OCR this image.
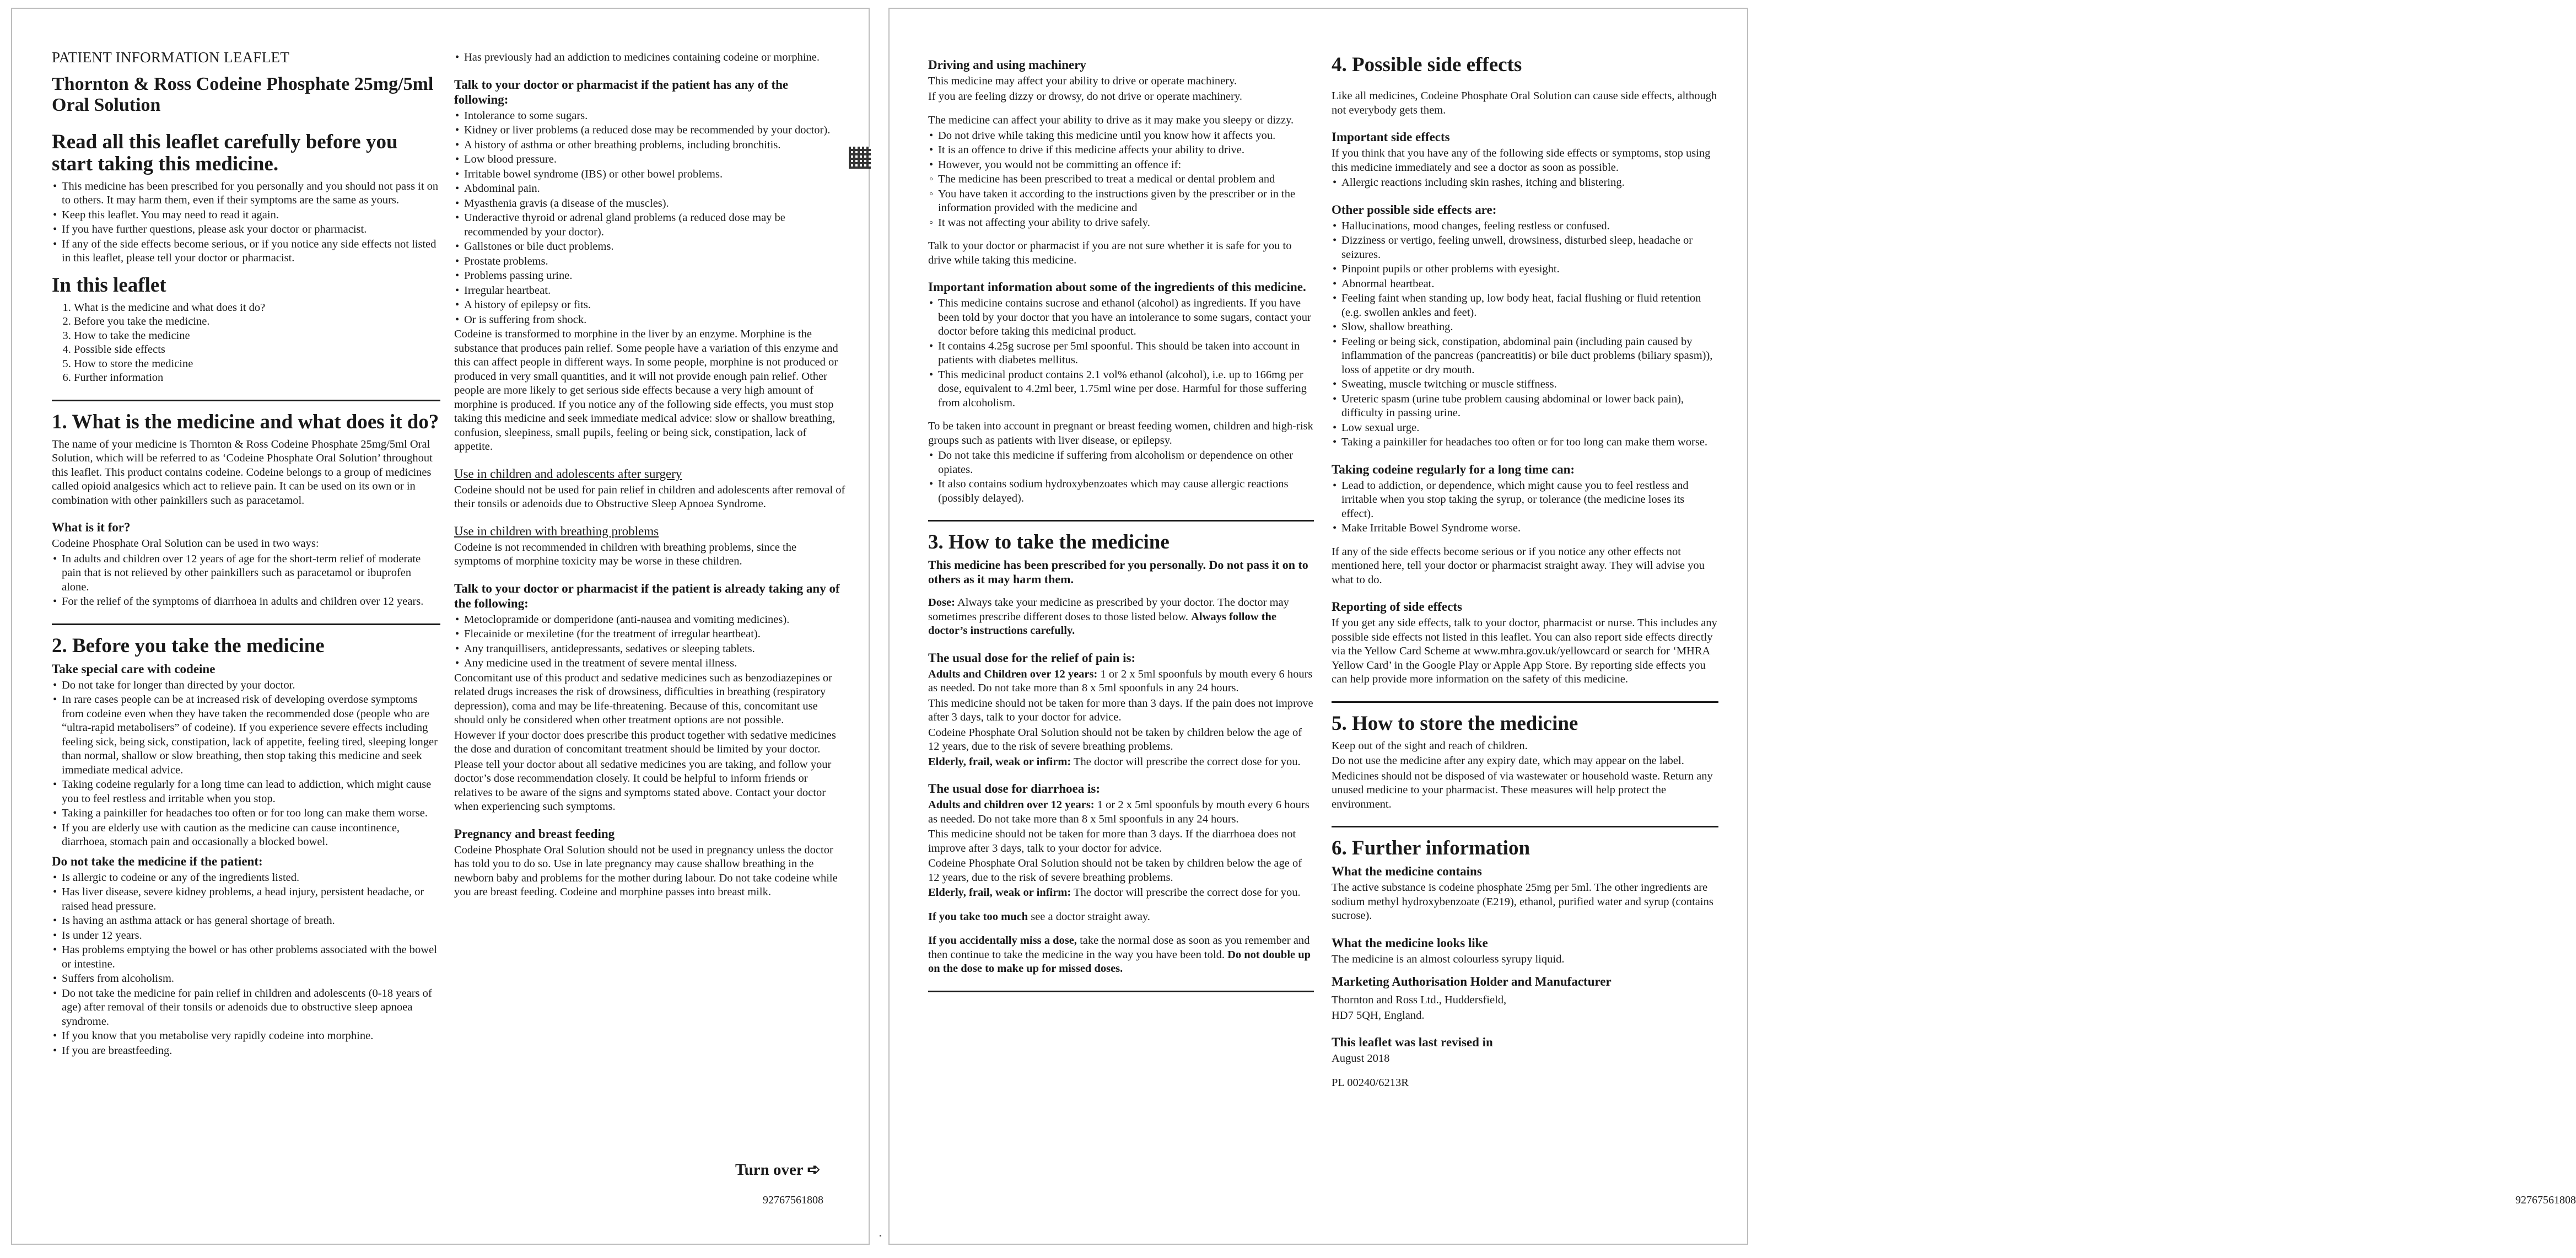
PATIENT INFORMATION LEAFLET
Thornton & Ross Codeine Phosphate 25mg/5ml Oral Solution
Read all this leaflet carefully before you start taking this medicine.
• This medicine has been prescribed for you personally and you should not pass it on to others. It may harm them, even if their symptoms are the same as yours.
• Keep this leaflet. You may need to read it again.
• If you have further questions, please ask your doctor or pharmacist.
• If any of the side effects become serious, or if you notice any side effects not listed in this leaflet, please tell your doctor or pharmacist.
In this leaflet
1. What is the medicine and what does it do?
2. Before you take the medicine.
3. How to take the medicine
4. Possible side effects
5. How to store the medicine
6. Further information
1. What is the medicine and what does it do?

The name of your medicine is Thornton & Ross Codeine Phosphate 25mg/5ml Oral Solution, which will be referred to as ‘Codeine Phosphate Oral Solution’ throughout this leaflet. This product contains codeine. Codeine belongs to a group of medicines called opioid analgesics which act to relieve pain. It can be used on its own or in combination with other painkillers such as paracetamol.

What is it for?

Codeine Phosphate Oral Solution can be used in two ways:

• In adults and children over 12 years of age for the short-term relief of moderate pain that is not relieved by other painkillers such as paracetamol or ibuprofen alone.
• For the relief of the symptoms of diarrhoea in adults and children over 12 years.
2. Before you take the medicine
Take special care with codeine
• Do not take for longer than directed by your doctor.
• In rare cases people can be at increased risk of developing overdose symptoms from codeine even when they have taken the recommended dose (people who are “ultra-rapid metabolisers” of codeine). If you experience severe effects including feeling sick, being sick, constipation, lack of appetite, feeling tired, sleeping longer than normal, shallow or slow breathing, then stop taking this medicine and seek immediate medical advice.
• Taking codeine regularly for a long time can lead to addiction, which might cause you to feel restless and irritable when you stop.
• Taking a painkiller for headaches too often or for too long can make them worse.
• If you are elderly use with caution as the medicine can cause incontinence, diarrhoea, stomach pain and occasionally a blocked bowel.
Do not take the medicine if the patient:
• Is allergic to codeine or any of the ingredients listed.
• Has liver disease, severe kidney problems, a head injury, persistent headache, or raised head pressure.
• Is having an asthma attack or has general shortage of breath.
• Is under 12 years.
• Has problems emptying the bowel or has other problems associated with the bowel or intestine.
• Suffers from alcoholism.
• Do not take the medicine for pain relief in children and adolescents (0-18 years of age) after removal of their tonsils or adenoids due to obstructive sleep apnoea syndrome.
• If you know that you metabolise very rapidly codeine into morphine.
• If you are breastfeeding.
• Has previously had an addiction to medicines containing codeine or morphine.
Talk to your doctor or pharmacist if the patient has any of the following:
• Intolerance to some sugars.
• Kidney or liver problems (a reduced dose may be recommended by your doctor).
• A history of asthma or other breathing problems, including bronchitis.
• Low blood pressure.
• Irritable bowel syndrome (IBS) or other bowel problems.
• Abdominal pain.
• Myasthenia gravis (a disease of the muscles).
• Underactive thyroid or adrenal gland problems (a reduced dose may be recommended by your doctor).
• Gallstones or bile duct problems.
• Prostate problems.
• Problems passing urine.
• Irregular heartbeat.
• A history of epilepsy or fits.
• Or is suffering from shock.

Codeine is transformed to morphine in the liver by an enzyme. Morphine is the substance that produces pain relief. Some people have a variation of this enzyme and this can affect people in different ways. In some people, morphine is not produced or produced in very small quantities, and it will not provide enough pain relief. Other people are more likely to get serious side effects because a very high amount of morphine is produced. If you notice any of the following side effects, you must stop taking this medicine and seek immediate medical advice: slow or shallow breathing, confusion, sleepiness, small pupils, feeling or being sick, constipation, lack of appetite.

Use in children and adolescents after surgery

Codeine should not be used for pain relief in children and adolescents after removal of their tonsils or adenoids due to Obstructive Sleep Apnoea Syndrome.

Use in children with breathing problems

Codeine is not recommended in children with breathing problems, since the symptoms of morphine toxicity may be worse in these children.

Talk to your doctor or pharmacist if the patient is already taking any of the following:
• Metoclopramide or domperidone (anti-nausea and vomiting medicines).
• Flecainide or mexiletine (for the treatment of irregular heartbeat).
• Any tranquillisers, antidepressants, sedatives or sleeping tablets.
• Any medicine used in the treatment of severe mental illness.

Concomitant use of this product and sedative medicines such as benzodiazepines or related drugs increases the risk of drowsiness, difficulties in breathing (respiratory depression), coma and may be life-threatening. Because of this, concomitant use should only be considered when other treatment options are not possible.

However if your doctor does prescribe this product together with sedative medicines the dose and duration of concomitant treatment should be limited by your doctor.

Please tell your doctor about all sedative medicines you are taking, and follow your doctor’s dose recommendation closely. It could be helpful to inform friends or relatives to be aware of the signs and symptoms stated above. Contact your doctor when experiencing such symptoms.

Pregnancy and breast feeding

Codeine Phosphate Oral Solution should not be used in pregnancy unless the doctor has told you to do so. Use in late pregnancy may cause shallow breathing in the newborn baby and problems for the mother during labour. Do not take codeine while you are breast feeding. Codeine and morphine passes into breast milk.

Turn over ➪
92767561808
Driving and using machinery

This medicine may affect your ability to drive or operate machinery.

If you are feeling dizzy or drowsy, do not drive or operate machinery.

The medicine can affect your ability to drive as it may make you sleepy or dizzy.

• Do not drive while taking this medicine until you know how it affects you.
• It is an offence to drive if this medicine affects your ability to drive.
• However, you would not be committing an offence if:
◦ The medicine has been prescribed to treat a medical or dental problem and
◦ You have taken it according to the instructions given by the prescriber or in the information provided with the medicine and
◦ It was not affecting your ability to drive safely.

Talk to your doctor or pharmacist if you are not sure whether it is safe for you to drive while taking this medicine.

Important information about some of the ingredients of this medicine.
• This medicine contains sucrose and ethanol (alcohol) as ingredients. If you have been told by your doctor that you have an intolerance to some sugars, contact your doctor before taking this medicinal product.
• It contains 4.25g sucrose per 5ml spoonful. This should be taken into account in patients with diabetes mellitus.
• This medicinal product contains 2.1 vol% ethanol (alcohol), i.e. up to 166mg per dose, equivalent to 4.2ml beer, 1.75ml wine per dose. Harmful for those suffering from alcoholism.

To be taken into account in pregnant or breast feeding women, children and high-risk groups such as patients with liver disease, or epilepsy.

• Do not take this medicine if suffering from alcoholism or dependence on other opiates.
• It also contains sodium hydroxybenzoates which may cause allergic reactions (possibly delayed).
3. How to take the medicine

This medicine has been prescribed for you personally. Do not pass it on to others as it may harm them.

Dose: Always take your medicine as prescribed by your doctor. The doctor may sometimes prescribe different doses to those listed below. Always follow the doctor’s instructions carefully.

The usual dose for the relief of pain is:

Adults and Children over 12 years: 1 or 2 x 5ml spoonfuls by mouth every 6 hours as needed. Do not take more than 8 x 5ml spoonfuls in any 24 hours.

This medicine should not be taken for more than 3 days. If the pain does not improve after 3 days, talk to your doctor for advice.

Codeine Phosphate Oral Solution should not be taken by children below the age of 12 years, due to the risk of severe breathing problems.

Elderly, frail, weak or infirm: The doctor will prescribe the correct dose for you.

The usual dose for diarrhoea is:

Adults and children over 12 years: 1 or 2 x 5ml spoonfuls by mouth every 6 hours as needed. Do not take more than 8 x 5ml spoonfuls in any 24 hours.

This medicine should not be taken for more than 3 days. If the diarrhoea does not improve after 3 days, talk to your doctor for advice.

Codeine Phosphate Oral Solution should not be taken by children below the age of 12 years, due to the risk of severe breathing problems.

Elderly, frail, weak or infirm: The doctor will prescribe the correct dose for you.

If you take too much see a doctor straight away.

If you accidentally miss a dose, take the normal dose as soon as you remember and then continue to take the medicine in the way you have been told. Do not double up on the dose to make up for missed doses.

4. Possible side effects

Like all medicines, Codeine Phosphate Oral Solution can cause side effects, although not everybody gets them.

Important side effects

If you think that you have any of the following side effects or symptoms, stop using this medicine immediately and see a doctor as soon as possible.

• Allergic reactions including skin rashes, itching and blistering.
Other possible side effects are:
• Hallucinations, mood changes, feeling restless or confused.
• Dizziness or vertigo, feeling unwell, drowsiness, disturbed sleep, headache or seizures.
• Pinpoint pupils or other problems with eyesight.
• Abnormal heartbeat.
• Feeling faint when standing up, low body heat, facial flushing or fluid retention (e.g. swollen ankles and feet).
• Slow, shallow breathing.
• Feeling or being sick, constipation, abdominal pain (including pain caused by inflammation of the pancreas (pancreatitis) or bile duct problems (biliary spasm)), loss of appetite or dry mouth.
• Sweating, muscle twitching or muscle stiffness.
• Ureteric spasm (urine tube problem causing abdominal or lower back pain), difficulty in passing urine.
• Low sexual urge.
• Taking a painkiller for headaches too often or for too long can make them worse.
Taking codeine regularly for a long time can:
• Lead to addiction, or dependence, which might cause you to feel restless and irritable when you stop taking the syrup, or tolerance (the medicine loses its effect).
• Make Irritable Bowel Syndrome worse.

If any of the side effects become serious or if you notice any other effects not mentioned here, tell your doctor or pharmacist straight away. They will advise you what to do.

Reporting of side effects

If you get any side effects, talk to your doctor, pharmacist or nurse. This includes any possible side effects not listed in this leaflet. You can also report side effects directly via the Yellow Card Scheme at www.mhra.gov.uk/yellowcard or search for ‘MHRA Yellow Card’ in the Google Play or Apple App Store. By reporting side effects you can help provide more information on the safety of this medicine.

5. How to store the medicine

Keep out of the sight and reach of children.

Do not use the medicine after any expiry date, which may appear on the label.

Medicines should not be disposed of via wastewater or household waste. Return any unused medicine to your pharmacist. These measures will help protect the environment.

6. Further information
What the medicine contains

The active substance is codeine phosphate 25mg per 5ml. The other ingredients are sodium methyl hydroxybenzoate (E219), ethanol, purified water and syrup (contains sucrose).

What the medicine looks like

The medicine is an almost colourless syrupy liquid.

Marketing Authorisation Holder and Manufacturer

Thornton and Ross Ltd., Huddersfield,

HD7 5QH, England.

This leaflet was last revised in

August 2018

PL 00240/6213R

92767561808
